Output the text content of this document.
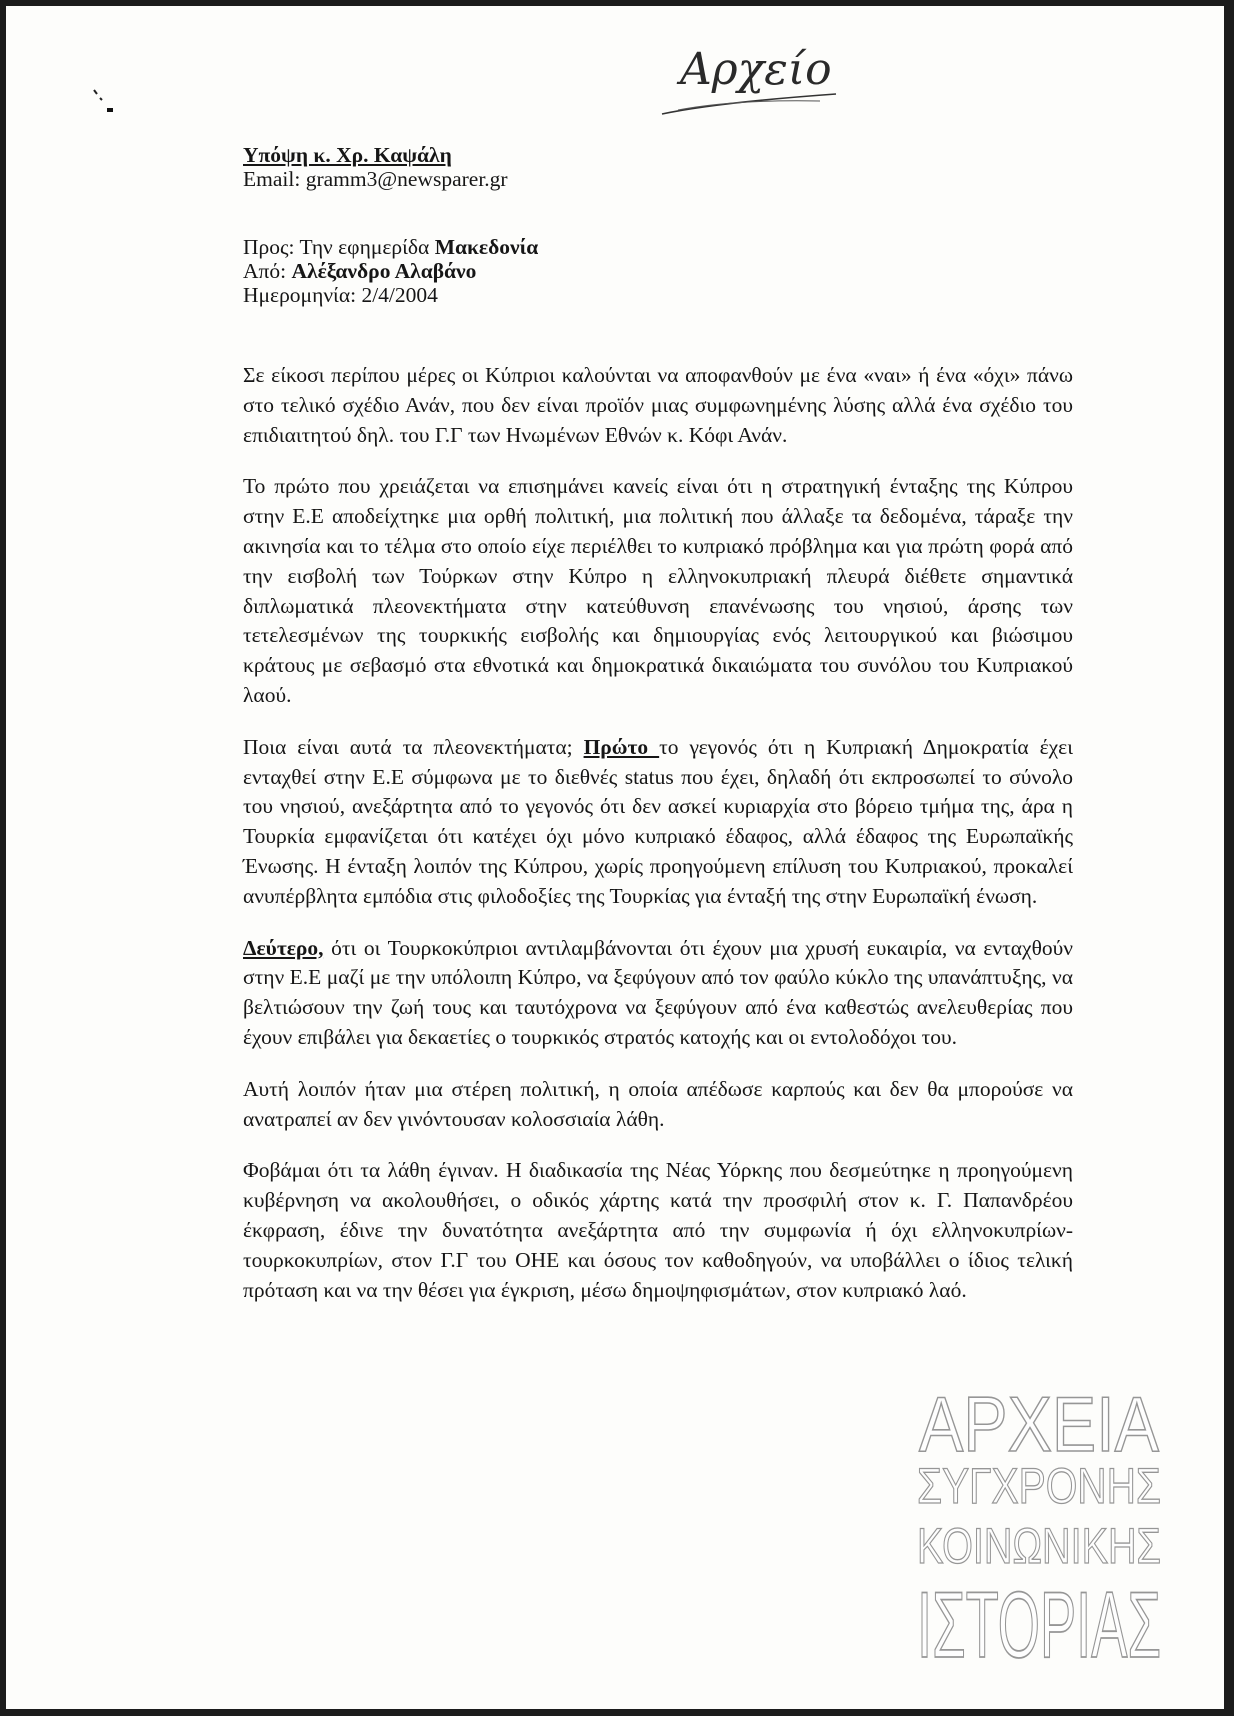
Αρχείο

Υπόψη κ. Χρ. Καψάλη

Email: gramm3@newsparer.gr

Προς: Την εφημερίδα Μακεδονία

Από: Αλέξανδρο Αλαβάνο

Ημερομηνία: 2/4/2004

Σε είκοσι περίπου μέρες οι Κύπριοι καλούνται να αποφανθούν με ένα «ναι» ή ένα «όχι» πάνω στο τελικό σχέδιο Ανάν, που δεν είναι προϊόν μιας συμφωνημένης λύσης αλλά ένα σχέδιο του επιδιαιτητού δηλ. του Γ.Γ των Ηνωμένων Εθνών κ. Κόφι Ανάν.

Το πρώτο που χρειάζεται να επισημάνει κανείς είναι ότι η στρατηγική ένταξης της Κύπρου στην Ε.Ε αποδείχτηκε μια ορθή πολιτική, μια πολιτική που άλλαξε τα δεδομένα, τάραξε την ακινησία και το τέλμα στο οποίο είχε περιέλθει το κυπριακό πρόβλημα και για πρώτη φορά από την εισβολή των Τούρκων στην Κύπρο η ελληνοκυπριακή πλευρά διέθετε σημαντικά διπλωματικά πλεονεκτήματα στην κατεύθυνση επανένωσης του νησιού, άρσης των τετελεσμένων της τουρκικής εισβολής και δημιουργίας ενός λειτουργικού και βιώσιμου κράτους με σεβασμό στα εθνοτικά και δημοκρατικά δικαιώματα του συνόλου του Κυπριακού λαού.

Ποια είναι αυτά τα πλεονεκτήματα; Πρώτο το γεγονός ότι η Κυπριακή Δημοκρατία έχει ενταχθεί στην Ε.Ε σύμφωνα με το διεθνές status που έχει, δηλαδή ότι εκπροσωπεί το σύνολο του νησιού, ανεξάρτητα από το γεγονός ότι δεν ασκεί κυριαρχία στο βόρειο τμήμα της, άρα η Τουρκία εμφανίζεται ότι κατέχει όχι μόνο κυπριακό έδαφος, αλλά έδαφος της Ευρωπαϊκής Ένωσης. Η ένταξη λοιπόν της Κύπρου, χωρίς προηγούμενη επίλυση του Κυπριακού, προκαλεί ανυπέρβλητα εμπόδια στις φιλοδοξίες της Τουρκίας για ένταξή της στην Ευρωπαϊκή ένωση.

Δεύτερο, ότι οι Τουρκοκύπριοι αντιλαμβάνονται ότι έχουν μια χρυσή ευκαιρία, να ενταχθούν στην Ε.Ε μαζί με την υπόλοιπη Κύπρο, να ξεφύγουν από τον φαύλο κύκλο της υπανάπτυξης, να βελτιώσουν την ζωή τους και ταυτόχρονα να ξεφύγουν από ένα καθεστώς ανελευθερίας που έχουν επιβάλει για δεκαετίες ο τουρκικός στρατός κατοχής και οι εντολοδόχοι του.

Αυτή λοιπόν ήταν μια στέρεη πολιτική, η οποία απέδωσε καρπούς και δεν θα μπορούσε να ανατραπεί αν δεν γινόντουσαν κολοσσιαία λάθη.

Φοβάμαι ότι τα λάθη έγιναν. Η διαδικασία της Νέας Υόρκης που δεσμεύτηκε η προηγούμενη κυβέρνηση να ακολουθήσει, ο οδικός χάρτης κατά την προσφιλή στον κ. Γ. Παπανδρέου έκφραση, έδινε την δυνατότητα ανεξάρτητα από την συμφωνία ή όχι ελληνοκυπρίων-τουρκοκυπρίων, στον Γ.Γ του ΟΗΕ και όσους τον καθοδηγούν, να υποβάλλει ο ίδιος τελική πρόταση και να την θέσει για έγκριση, μέσω δημοψηφισμάτων, στον κυπριακό λαό.

ΑΡΧΕΙΑ
ΣΥΓΧΡΟΝΗΣ
ΚΟΙΝΩΝΙΚΗΣ
ΙΣΤΟΡΙΑΣ
